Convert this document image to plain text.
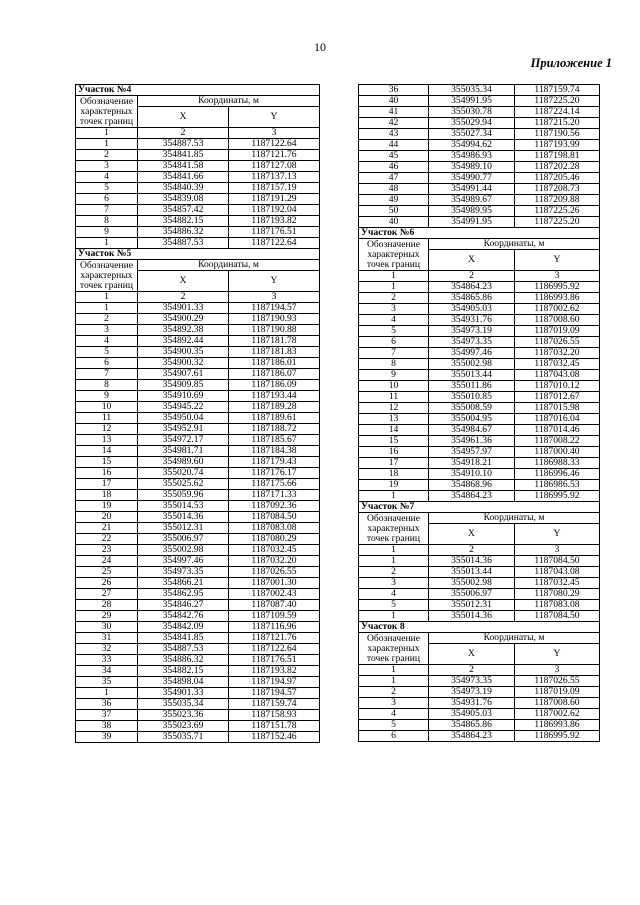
10
Приложение 1
Участок №4		
Обозначение характерных точек границ	Координаты, м	
	X	Y
1	2	3
1	354887.53	1187122.64
2	354841.85	1187121.76
3	354841.58	1187127.08
4	354841.66	1187137.13
5	354840.39	1187157.19
6	354839.08	1187191.29
7	354857.42	1187192.04
8	354882.15	1187193.82
9	354886.32	1187176.51
1	354887.53	1187122.64
Участок №5		
Обозначение характерных точек границ	Координаты, м	
	X	Y
1	2	3
1	354901.33	1187194.57
2	354900.29	1187190.93
3	354892.38	1187190.88
4	354892.44	1187181.78
5	354900.35	1187181.83
6	354900.32	1187186.01
7	354907.61	1187186.07
8	354909.85	1187186.09
9	354910.69	1187193.44
10	354945.22	1187189.28
11	354950.04	1187189.61
12	354952.91	1187188.72
13	354972.17	1187185.67
14	354981.71	1187184.38
15	354989.60	1187179.43
16	355020.74	1187176.17
17	355025.62	1187175.66
18	355059.96	1187171.33
19	355014.53	1187092.36
20	355014.36	1187084.50
21	355012.31	1187083.08
22	355006.97	1187080.29
23	355002.98	1187032.45
24	354997.46	1187032.20
25	354973.35	1187026.55
26	354866.21	1187001.30
27	354862.95	1187002.43
28	354846.27	1187087.40
29	354842.76	1187109.59
30	354842.09	1187116.96
31	354841.85	1187121.76
32	354887.53	1187122.64
33	354886.32	1187176.51
34	354882.15	1187193.82
35	354898.04	1187194.97
1	354901.33	1187194.57
36	355035.34	1187159.74
37	355023.36	1187158.93
38	355023.69	1187151.78
39	355035.71	1187152.46
36	355035.34	1187159.74
40	354991.95	1187225.20
41	355030.78	1187224.14
42	355029.94	1187215.20
43	355027.34	1187190.56
44	354994.62	1187193.99
45	354986.93	1187198.81
46	354989.10	1187202.28
47	354990.77	1187205.46
48	354991.44	1187208.73
49	354989.67	1187209.88
50	354989.95	1187225.26
40	354991.95	1187225.20
Участок №6		
Обозначение характерных точек границ	Координаты, м	
	X	Y
1	2	3
1	354864.23	1186995.92
2	354865.86	1186993.86
3	354905.03	1187002.62
4	354931.76	1187008.60
5	354973.19	1187019.09
6	354973.35	1187026.55
7	354997.46	1187032.20
8	355002.98	1187032.45
9	355013.44	1187043.08
10	355011.86	1187010.12
11	355010.85	1187012.67
12	355008.59	1187015.98
13	355004.95	1187016.04
14	354984.67	1187014.46
15	354961.36	1187008.22
16	354957.97	1187000.40
17	354918.21	1186988.33
18	354910.10	1186996.46
19	354868.96	1186986.53
1	354864.23	1186995.92
Участок №7		
Обозначение характерных точек границ	Координаты, м	
	X	Y
1	2	3
1	355014.36	1187084.50
2	355013.44	1187043.08
3	355002.98	1187032.45
4	355006.97	1187080.29
5	355012.31	1187083.08
1	355014.36	1187084.50
Участок 8		
Обозначение характерных точек границ	Координаты, м	
	X	Y
1	2	3
1	354973.35	1187026.55
2	354973.19	1187019.09
3	354931.76	1187008.60
4	354905.03	1187002.62
5	354865.86	1186993.86
6	354864.23	1186995.92
